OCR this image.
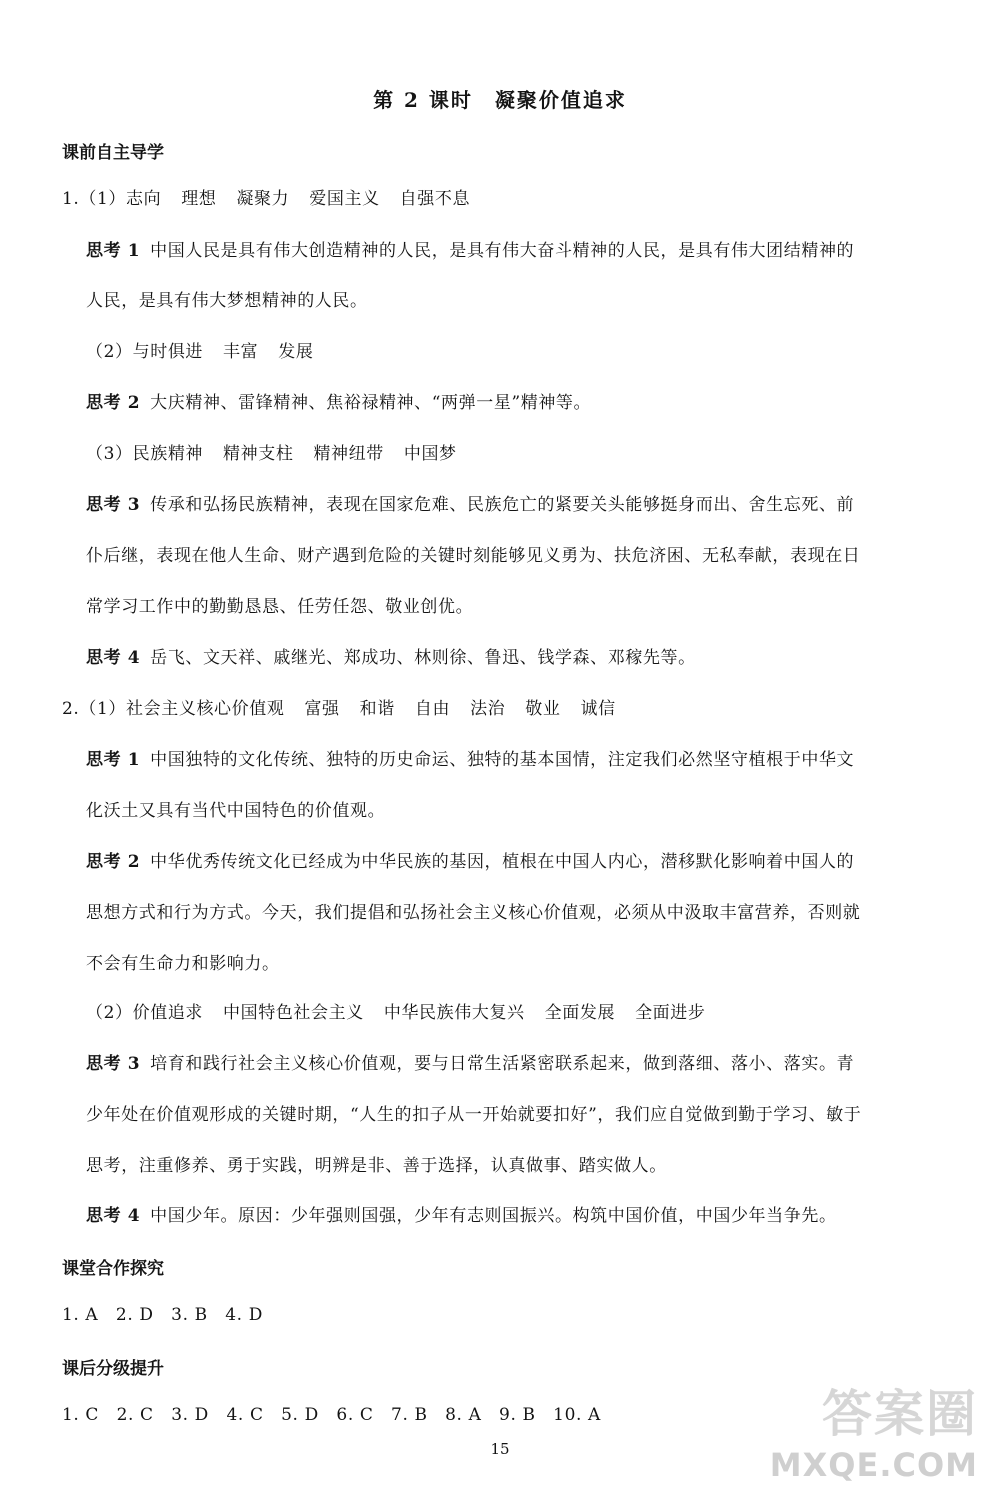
第 2 课时　凝聚价值追求
课前自主导学
1.（1）志向 理想 凝聚力 爱国主义 自强不息
思考 1 中国人民是具有伟大创造精神的人民，是具有伟大奋斗精神的人民，是具有伟大团结精神的
人民，是具有伟大梦想精神的人民。
（2）与时俱进 丰富 发展
思考 2 大庆精神、雷锋精神、焦裕禄精神、“两弹一星”精神等。
（3）民族精神 精神支柱 精神纽带 中国梦
思考 3 传承和弘扬民族精神，表现在国家危难、民族危亡的紧要关头能够挺身而出、舍生忘死、前
仆后继，表现在他人生命、财产遇到危险的关键时刻能够见义勇为、扶危济困、无私奉献，表现在日
常学习工作中的勤勤恳恳、任劳任怨、敬业创优。
思考 4 岳飞、文天祥、戚继光、郑成功、林则徐、鲁迅、钱学森、邓稼先等。
2.（1）社会主义核心价值观 富强 和谐 自由 法治 敬业 诚信
思考 1 中国独特的文化传统、独特的历史命运、独特的基本国情，注定我们必然坚守植根于中华文
化沃土又具有当代中国特色的价值观。
思考 2 中华优秀传统文化已经成为中华民族的基因，植根在中国人内心，潜移默化影响着中国人的
思想方式和行为方式。今天，我们提倡和弘扬社会主义核心价值观，必须从中汲取丰富营养，否则就
不会有生命力和影响力。
（2）价值追求 中国特色社会主义 中华民族伟大复兴 全面发展 全面进步
思考 3 培育和践行社会主义核心价值观，要与日常生活紧密联系起来，做到落细、落小、落实。青
少年处在价值观形成的关键时期，“人生的扣子从一开始就要扣好”，我们应自觉做到勤于学习、敏于
思考，注重修养、勇于实践，明辨是非、善于选择，认真做事、踏实做人。
思考 4 中国少年。原因：少年强则国强，少年有志则国振兴。构筑中国价值，中国少年当争先。
课堂合作探究
1. A　2. D　3. B　4. D
课后分级提升
1. C　2. C　3. D　4. C　5. D　6. C　7. B　8. A　9. B　10. A
15
答案圈
MXQE.COM
